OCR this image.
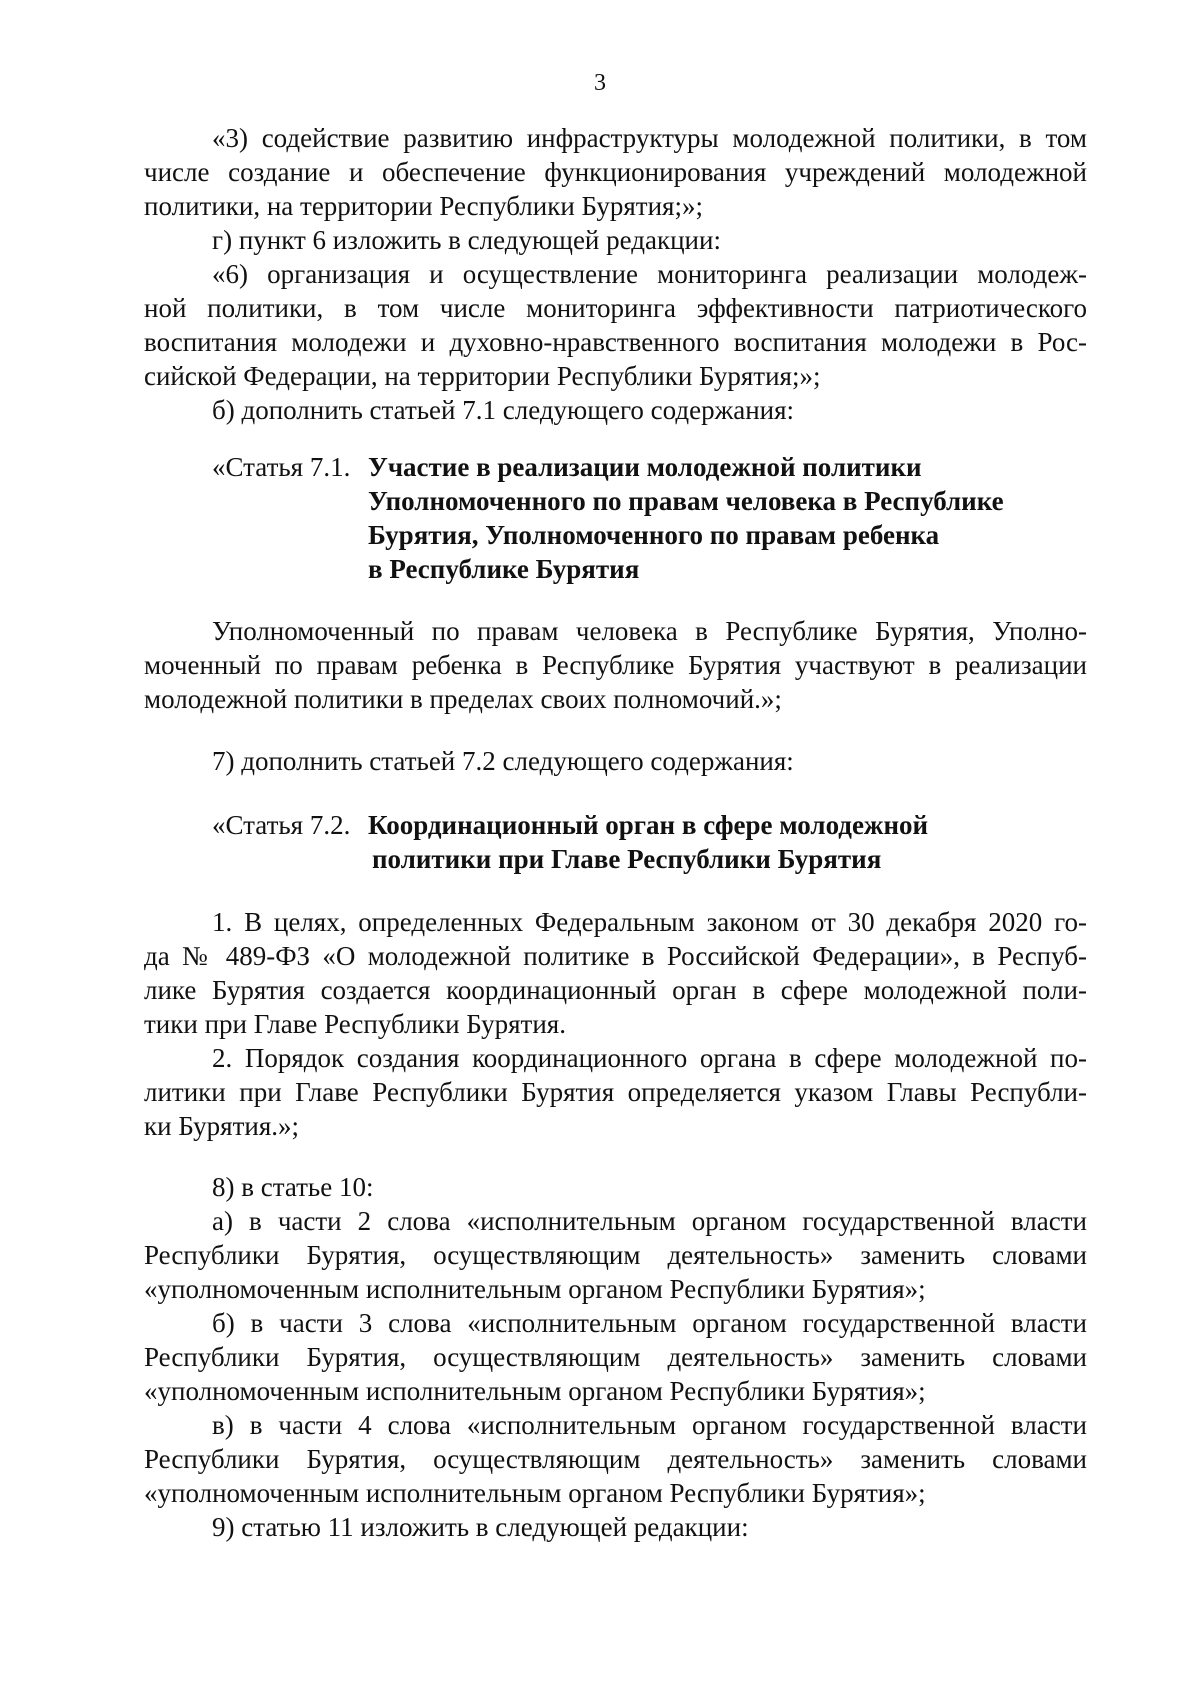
3

«3) содействие развитию инфраструктуры молодежной политики, в том

числе создание и обеспечение функционирования учреждений молодежной

политики, на территории Республики Бурятия;»;

г) пункт 6 изложить в следующей редакции:

«6) организация и осуществление мониторинга реализации молодеж-

ной политики, в том числе мониторинга эффективности патриотического

воспитания молодежи и духовно-нравственного воспитания молодежи в Рос-

сийской Федерации, на территории Республики Бурятия;»;

б) дополнить статьей 7.1 следующего содержания:

«Статья 7.1. Участие в реализации молодежной политики

Уполномоченного по правам человека в Республике

Бурятия, Уполномоченного по правам ребенка

в Республике Бурятия

Уполномоченный по правам человека в Республике Бурятия, Уполно-

моченный по правам ребенка в Республике Бурятия участвуют в реализации

молодежной политики в пределах своих полномочий.»;

7) дополнить статьей 7.2 следующего содержания:

«Статья 7.2. Координационный орган в сфере молодежной

политики при Главе Республики Бурятия

1. В целях, определенных Федеральным законом от 30 декабря 2020 го-

да № 489-ФЗ «О молодежной политике в Российской Федерации», в Респуб-

лике Бурятия создается координационный орган в сфере молодежной поли-

тики при Главе Республики Бурятия.

2. Порядок создания координационного органа в сфере молодежной по-

литики при Главе Республики Бурятия определяется указом Главы Республи-

ки Бурятия.»;

8) в статье 10:

а) в части 2 слова «исполнительным органом государственной власти

Республики Бурятия, осуществляющим деятельность» заменить словами

«уполномоченным исполнительным органом Республики Бурятия»;

б) в части 3 слова «исполнительным органом государственной власти

Республики Бурятия, осуществляющим деятельность» заменить словами

«уполномоченным исполнительным органом Республики Бурятия»;

в) в части 4 слова «исполнительным органом государственной власти

Республики Бурятия, осуществляющим деятельность» заменить словами

«уполномоченным исполнительным органом Республики Бурятия»;

9) статью 11 изложить в следующей редакции:
